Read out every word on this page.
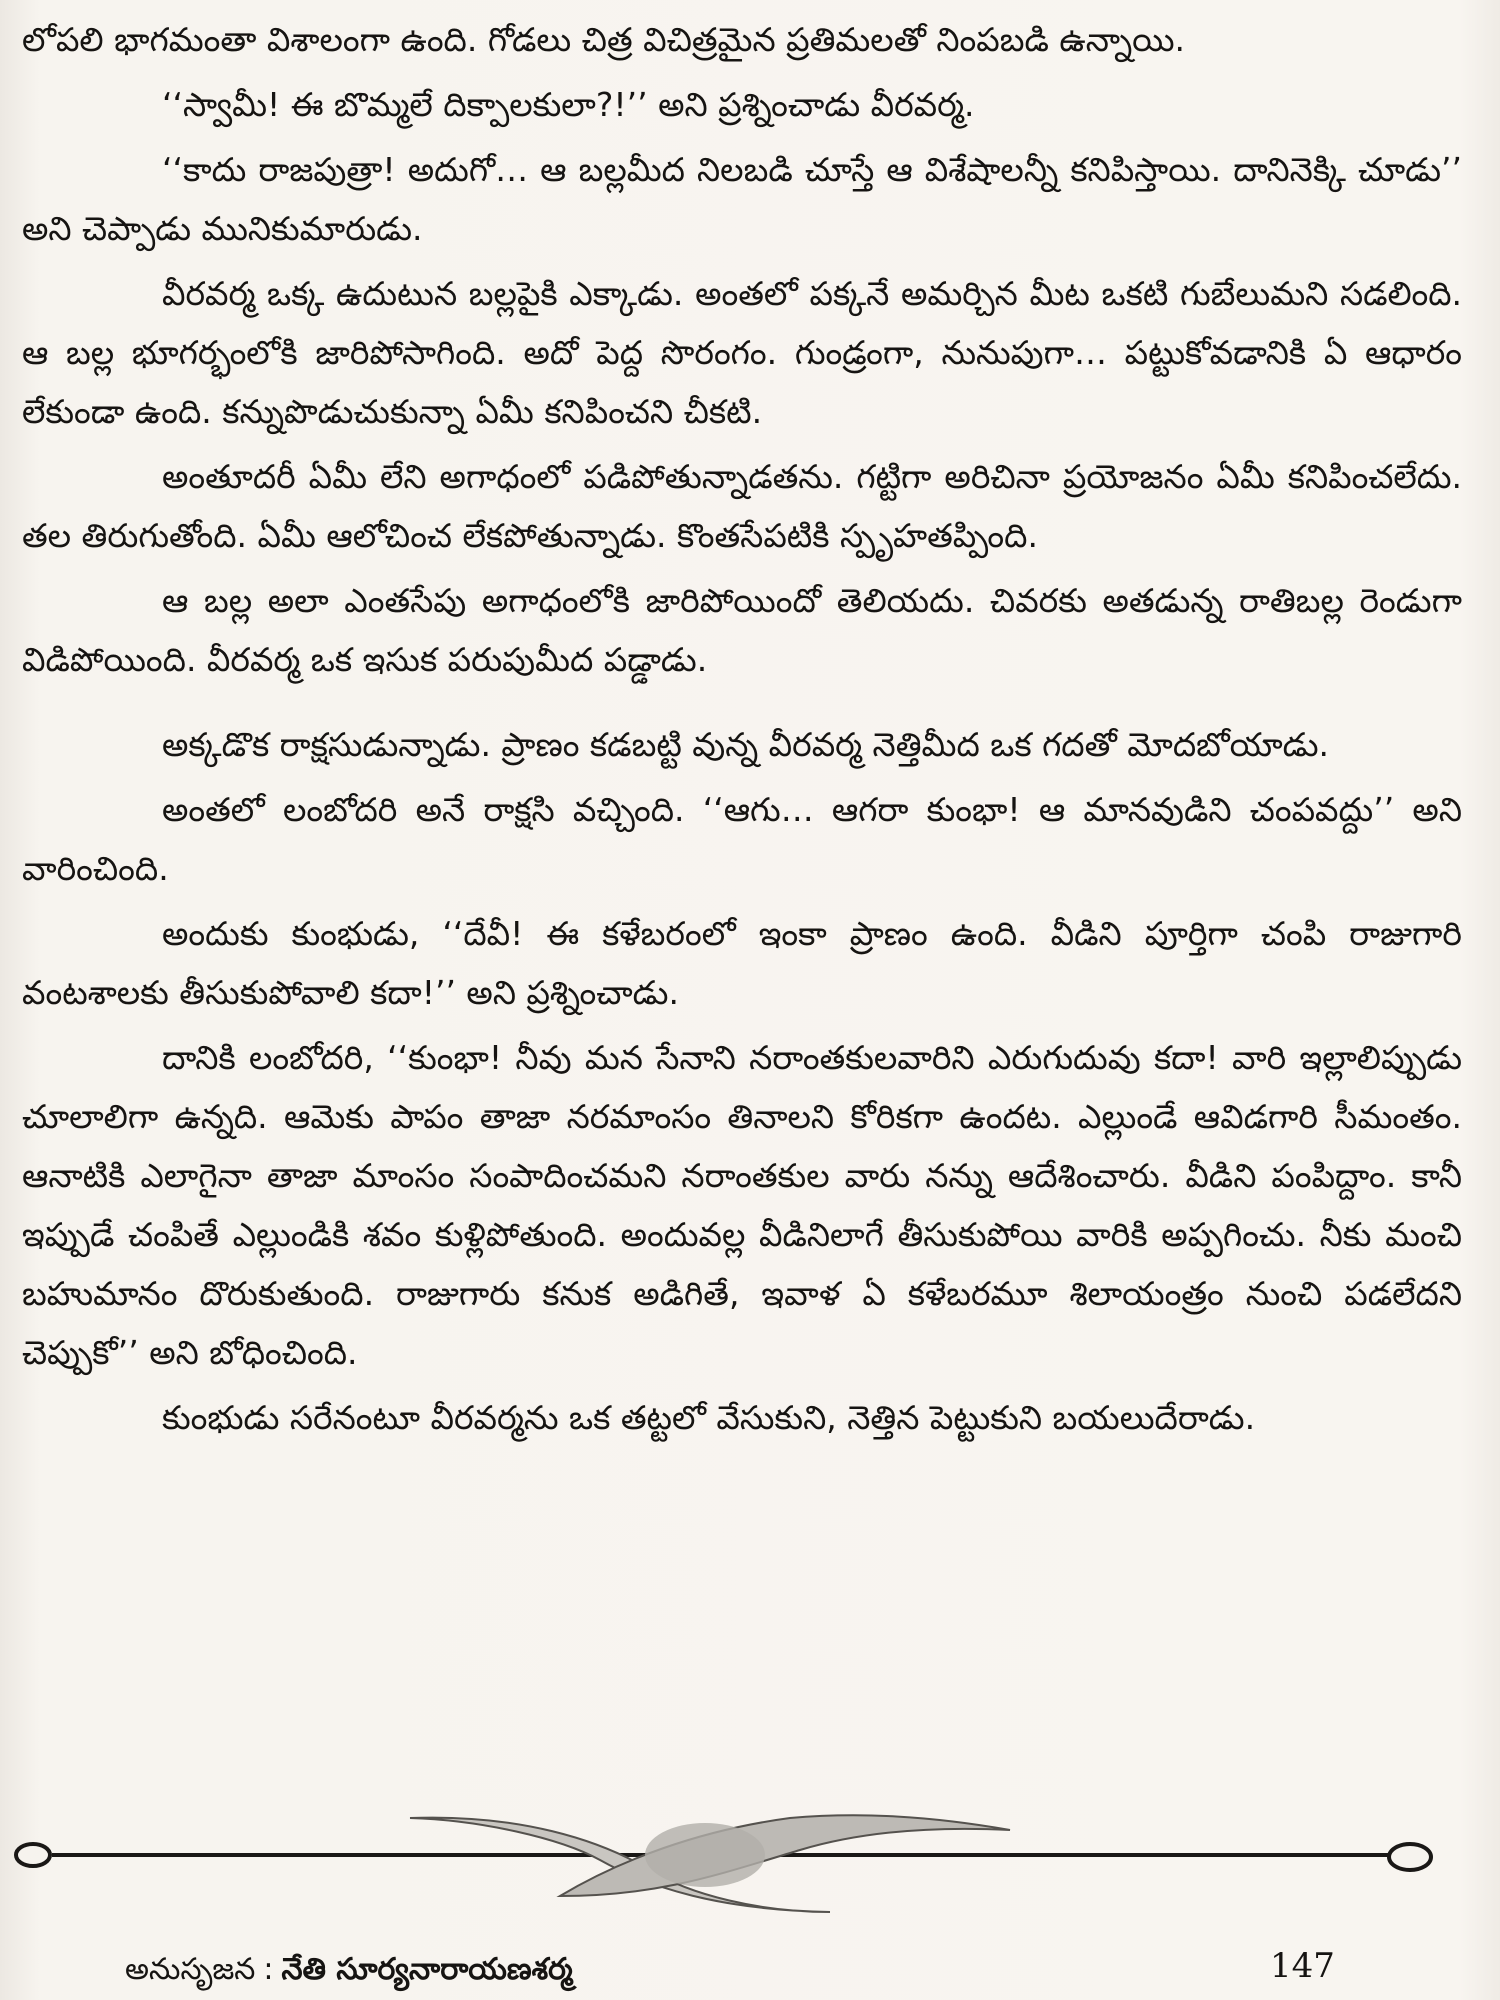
లోపలి భాగమంతా విశాలంగా ఉంది. గోడలు చిత్ర విచిత్రమైన ప్రతిమలతో నింపబడి ఉన్నాయి.

‘‘స్వామీ! ఈ బొమ్మలే దిక్పాలకులా?!’’ అని ప్రశ్నించాడు వీరవర్మ.

‘‘కాదు రాజపుత్రా! అదుగో… ఆ బల్లమీద నిలబడి చూస్తే ఆ విశేషాలన్నీ కనిపిస్తాయి. దానినెక్కి చూడు’’ అని చెప్పాడు మునికుమారుడు.

వీరవర్మ ఒక్క ఉదుటున బల్లపైకి ఎక్కాడు. అంతలో పక్కనే అమర్చిన మీట ఒకటి గుబేలుమని సడలింది. ఆ బల్ల భూగర్భంలోకి జారిపోసాగింది. అదో పెద్ద సొరంగం. గుండ్రంగా, నునుపుగా… పట్టుకోవడానికి ఏ ఆధారం లేకుండా ఉంది. కన్నుపొడుచుకున్నా ఏమీ కనిపించని చీకటి.

అంతూదరీ ఏమీ లేని అగాధంలో పడిపోతున్నాడతను. గట్టిగా అరిచినా ప్రయోజనం ఏమీ కనిపించలేదు. తల తిరుగుతోంది. ఏమీ ఆలోచించ లేకపోతున్నాడు. కొంతసేపటికి స్పృహతప్పింది.

ఆ బల్ల అలా ఎంతసేపు అగాధంలోకి జారిపోయిందో తెలియదు. చివరకు అతడున్న రాతిబల్ల రెండుగా విడిపోయింది. వీరవర్మ ఒక ఇసుక పరుపుమీద పడ్డాడు.

అక్కడొక రాక్షసుడున్నాడు. ప్రాణం కడబట్టి వున్న వీరవర్మ నెత్తిమీద ఒక గదతో మోదబోయాడు.

అంతలో లంబోదరి అనే రాక్షసి వచ్చింది. ‘‘ఆగు… ఆగరా కుంభా! ఆ మానవుడిని చంపవద్దు’’ అని వారించింది.

అందుకు కుంభుడు, ‘‘దేవీ! ఈ కళేబరంలో ఇంకా ప్రాణం ఉంది. వీడిని పూర్తిగా చంపి రాజుగారి వంటశాలకు తీసుకుపోవాలి కదా!’’ అని ప్రశ్నించాడు.

దానికి లంబోదరి, ‘‘కుంభా! నీవు మన సేనాని నరాంతకులవారిని ఎరుగుదువు కదా! వారి ఇల్లాలిప్పుడు చూలాలిగా ఉన్నది. ఆమెకు పాపం తాజా నరమాంసం తినాలని కోరికగా ఉందట. ఎల్లుండే ఆవిడగారి సీమంతం. ఆనాటికి ఎలాగైనా తాజా మాంసం సంపాదించమని నరాంతకుల వారు నన్ను ఆదేశించారు. వీడిని పంపిద్దాం. కానీ ఇప్పుడే చంపితే ఎల్లుండికి శవం కుళ్లిపోతుంది. అందువల్ల వీడినిలాగే తీసుకుపోయి వారికి అప్పగించు. నీకు మంచి బహుమానం దొరుకుతుంది. రాజుగారు కనుక అడిగితే, ఇవాళ ఏ కళేబరమూ శిలాయంత్రం నుంచి పడలేదని చెప్పుకో’’ అని బోధించింది.

కుంభుడు సరేనంటూ వీరవర్మను ఒక తట్టలో వేసుకుని, నెత్తిన పెట్టుకుని బయలుదేరాడు.

అనుసృజన : నేతి సూర్యనారాయణశర్మ	147
